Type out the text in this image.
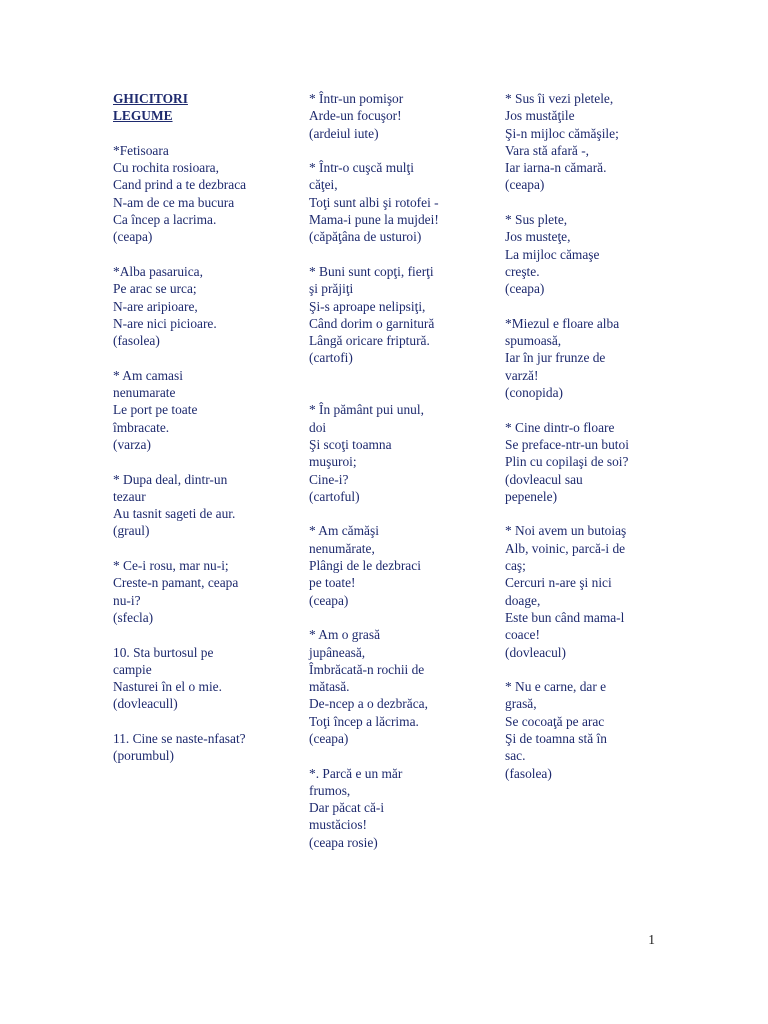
GHICITORI
LEGUME
*Fetisoara
Cu rochita rosioara,
Cand prind a te dezbraca
N-am de ce ma bucura
Ca încep a lacrima.
(ceapa)
*Alba pasaruica,
Pe arac se urca;
N-are aripioare,
N-are nici picioare.
(fasolea)
* Am camasi
nenumarate
Le port pe toate
îmbracate.
(varza)
* Dupa deal, dintr-un
tezaur
Au tasnit sageti de aur.
(graul)
* Ce-i rosu, mar nu-i;
Creste-n pamant, ceapa
nu-i?
(sfecla)
10. Sta burtosul pe
campie
Nasturei în el o mie.
(dovleacull)
11. Cine se naste-nfasat?
(porumbul)
* Într-un pomişor
Arde-un focuşor!
(ardeiul iute)
* Într-o cuşcă mulţi
căţei,
Toţi sunt albi şi rotofei -
Mama-i pune la mujdei!
(căpăţâna de usturoi)
* Buni sunt copţi, fierţi
şi prăjiţi
Şi-s aproape nelipsiţi,
Când dorim o garnitură
Lângă oricare friptură.
(cartofi)
* În pământ pui unul,
doi
Şi scoţi toamna
muşuroi;
Cine-i?
(cartoful)
* Am cămăşi
nenumărate,
Plângi de le dezbraci
pe toate!
(ceapa)
* Am o grasă
jupâneasă,
Îmbrăcată-n rochii de
mătasă.
De-ncep a o dezbrăca,
Toţi încep a lăcrima.
(ceapa)
*. Parcă e un măr
frumos,
Dar păcat că-i
mustăcios!
(ceapa rosie)
* Sus îi vezi pletele,
Jos mustăţile
Şi-n mijloc cămăşile;
Vara stă afară -,
Iar iarna-n cămară.
(ceapa)
* Sus plete,
Jos musteţe,
La mijloc cămaşe
creşte.
(ceapa)
*Miezul e floare alba
spumoasă,
Iar în jur frunze de
varză!
(conopida)
* Cine dintr-o floare
Se preface-ntr-un butoi
Plin cu copilaşi de soi?
(dovleacul sau
pepenele)
* Noi avem un butoiaş
Alb, voinic, parcă-i de
caş;
Cercuri n-are şi nici
doage,
Este bun când mama-l
coace!
(dovleacul)
* Nu e carne, dar e
grasă,
Se cocoaţă pe arac
Şi de toamna stă în
sac.
(fasolea)
1
